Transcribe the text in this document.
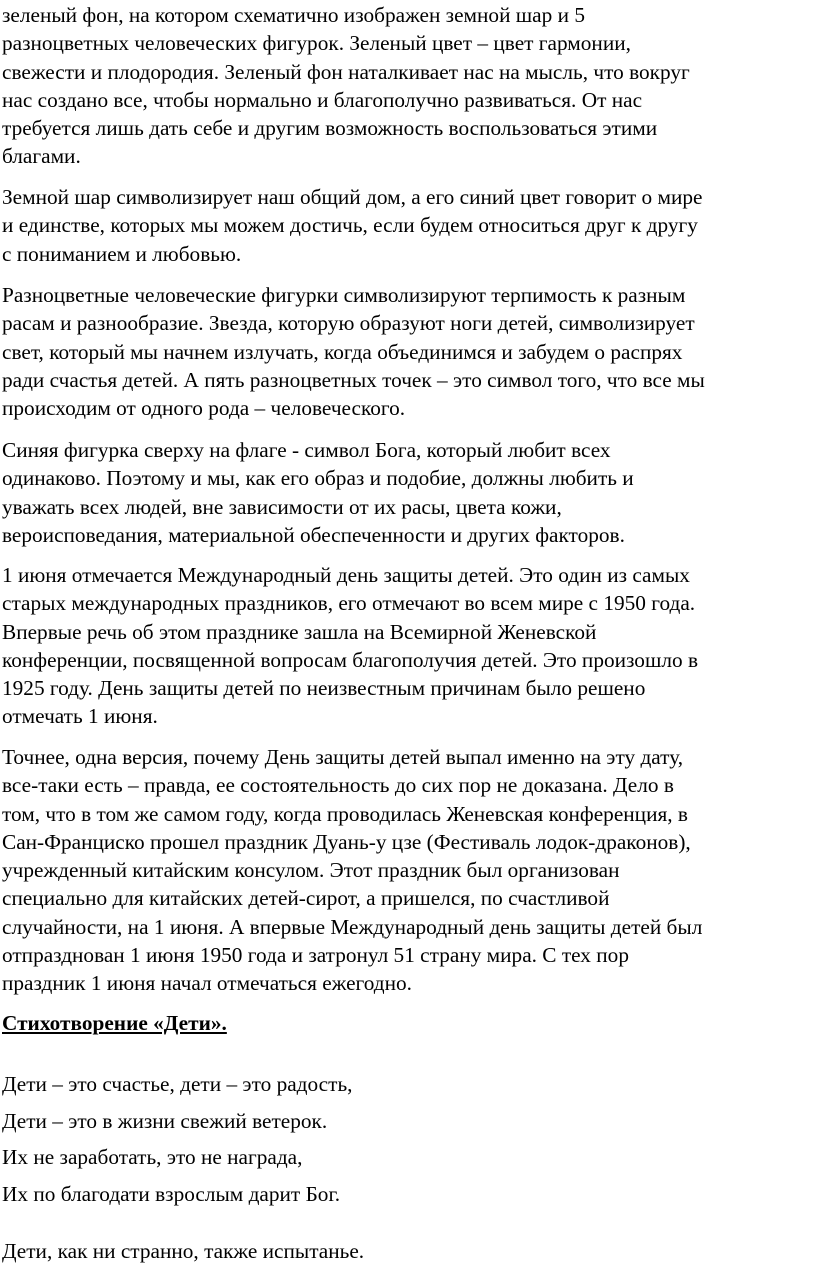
зеленый фон, на котором схематично изображен земной шар и 5
разноцветных человеческих фигурок. Зеленый цвет – цвет гармонии,
свежести и плодородия. Зеленый фон наталкивает нас на мысль, что вокруг
нас создано все, чтобы нормально и благополучно развиваться. От нас
требуется лишь дать себе и другим возможность воспользоваться этими
благами.

Земной шар символизирует наш общий дом, а его синий цвет говорит о мире
и единстве, которых мы можем достичь, если будем относиться друг к другу
с пониманием и любовью.

Разноцветные человеческие фигурки символизируют терпимость к разным
расам и разнообразие. Звезда, которую образуют ноги детей, символизирует
свет, который мы начнем излучать, когда объединимся и забудем о распрях
ради счастья детей. А пять разноцветных точек – это символ того, что все мы
происходим от одного рода – человеческого.

Синяя фигурка сверху на флаге - символ Бога, который любит всех
одинаково. Поэтому и мы, как его образ и подобие, должны любить и
уважать всех людей, вне зависимости от их расы, цвета кожи,
вероисповедания, материальной обеспеченности и других факторов.

1 июня отмечается Международный день защиты детей. Это один из самых
старых международных праздников, его отмечают во всем мире с 1950 года.
Впервые речь об этом празднике зашла на Всемирной Женевской
конференции, посвященной вопросам благополучия детей. Это произошло в
1925 году. День защиты детей по неизвестным причинам было решено
отмечать 1 июня.

Точнее, одна версия, почему День защиты детей выпал именно на эту дату,
все-таки есть – правда, ее состоятельность до сих пор не доказана. Дело в
том, что в том же самом году, когда проводилась Женевская конференция, в
Сан-Франциско прошел праздник Дуань-у цзе (Фестиваль лодок-драконов),
учрежденный китайским консулом. Этот праздник был организован
специально для китайских детей-сирот, а пришелся, по счастливой
случайности, на 1 июня. А впервые Международный день защиты детей был
отпразднован 1 июня 1950 года и затронул 51 страну мира. С тех пор
праздник 1 июня начал отмечаться ежегодно.

Стихотворение «Дети».

Дети – это счастье, дети – это радость,
Дети – это в жизни свежий ветерок.
Их не заработать, это не награда,
Их по благодати взрослым дарит Бог.

Дети, как ни странно, также испытанье.
